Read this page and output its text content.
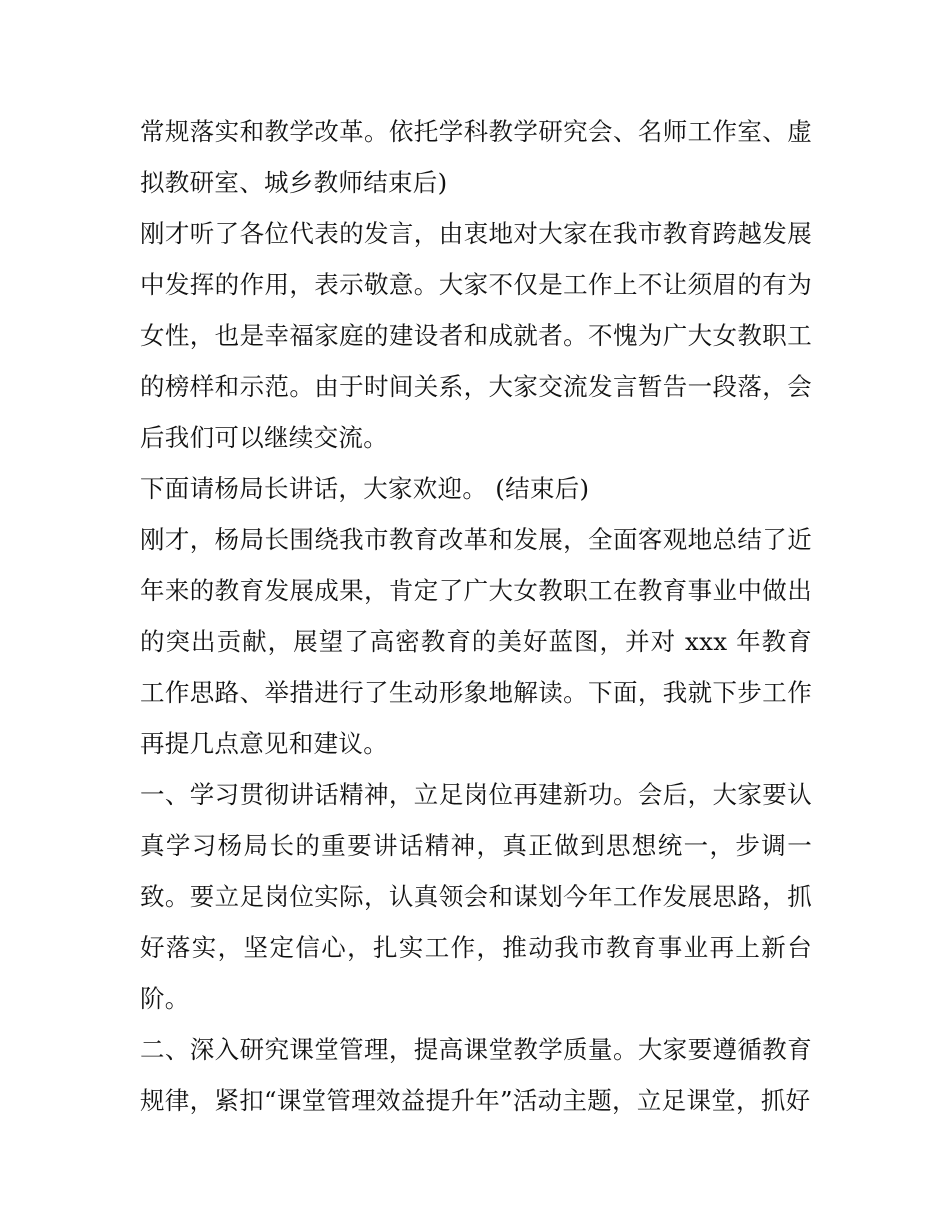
常规落实和教学改革。依托学科教学研究会、名师工作室、虚拟教研室、城乡教师结束后)

刚才听了各位代表的发言，由衷地对大家在我市教育跨越发展中发挥的作用，表示敬意。大家不仅是工作上不让须眉的有为女性，也是幸福家庭的建设者和成就者。不愧为广大女教职工的榜样和示范。由于时间关系，大家交流发言暂告一段落，会后我们可以继续交流。

下面请杨局长讲话，大家欢迎。 (结束后)

刚才，杨局长围绕我市教育改革和发展，全面客观地总结了近年来的教育发展成果，肯定了广大女教职工在教育事业中做出的突出贡献，展望了高密教育的美好蓝图，并对 xxx 年教育工作思路、举措进行了生动形象地解读。下面，我就下步工作再提几点意见和建议。

一、学习贯彻讲话精神，立足岗位再建新功。会后，大家要认真学习杨局长的重要讲话精神，真正做到思想统一，步调一致。要立足岗位实际，认真领会和谋划今年工作发展思路，抓好落实，坚定信心，扎实工作，推动我市教育事业再上新台阶。

二、深入研究课堂管理，提高课堂教学质量。大家要遵循教育规律，紧扣“课堂管理效益提升年”活动主题，立足课堂，抓好
